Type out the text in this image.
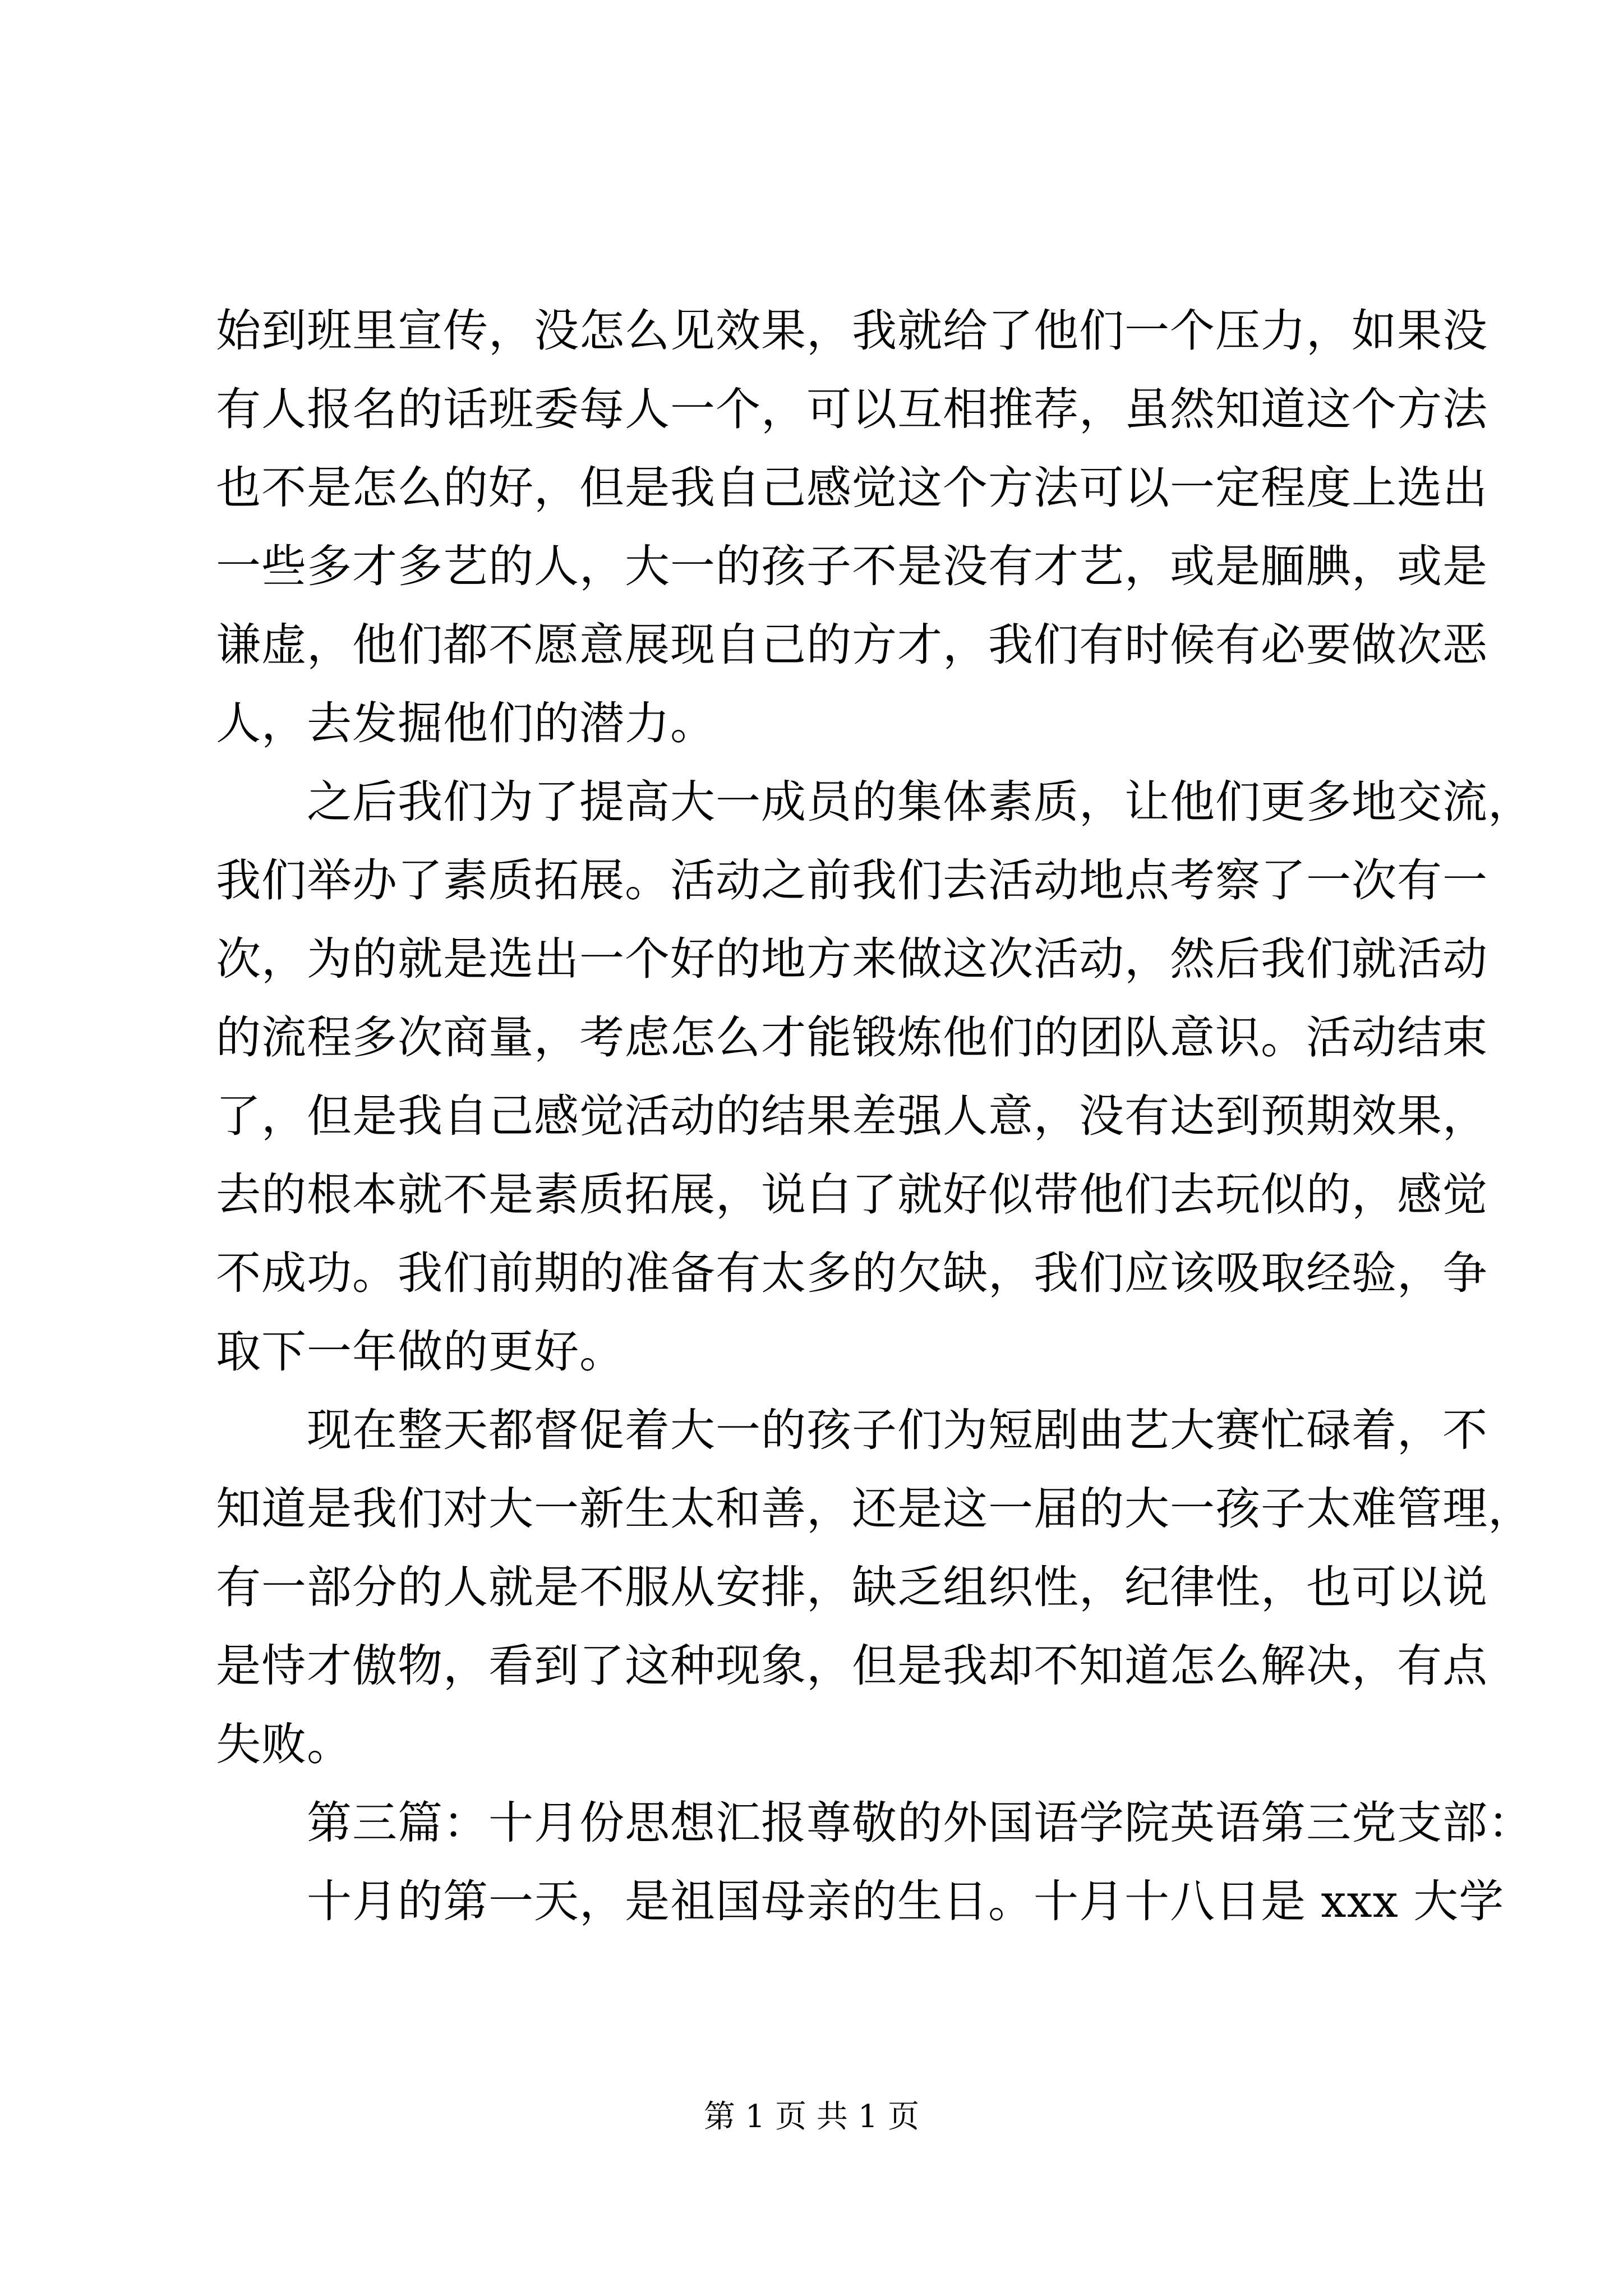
始到班里宣传，没怎么见效果，我就给了他们一个压力，如果没
有人报名的话班委每人一个，可以互相推荐，虽然知道这个方法
也不是怎么的好，但是我自己感觉这个方法可以一定程度上选出
一些多才多艺的人，大一的孩子不是没有才艺，或是腼腆，或是
谦虚，他们都不愿意展现自己的方才，我们有时候有必要做次恶
人，去发掘他们的潜力。
　　之后我们为了提高大一成员的集体素质，让他们更多地交流，
我们举办了素质拓展。活动之前我们去活动地点考察了一次有一
次，为的就是选出一个好的地方来做这次活动，然后我们就活动
的流程多次商量，考虑怎么才能锻炼他们的团队意识。活动结束
了，但是我自己感觉活动的结果差强人意，没有达到预期效果，
去的根本就不是素质拓展，说白了就好似带他们去玩似的，感觉
不成功。我们前期的准备有太多的欠缺，我们应该吸取经验，争
取下一年做的更好。
　　现在整天都督促着大一的孩子们为短剧曲艺大赛忙碌着，不
知道是我们对大一新生太和善，还是这一届的大一孩子太难管理，
有一部分的人就是不服从安排，缺乏组织性，纪律性，也可以说
是恃才傲物，看到了这种现象，但是我却不知道怎么解决，有点
失败。
　　第三篇：十月份思想汇报尊敬的外国语学院英语第三党支部：
　　十月的第一天，是祖国母亲的生日。十月十八日是 xxx 大学
第 1 页 共 1 页
